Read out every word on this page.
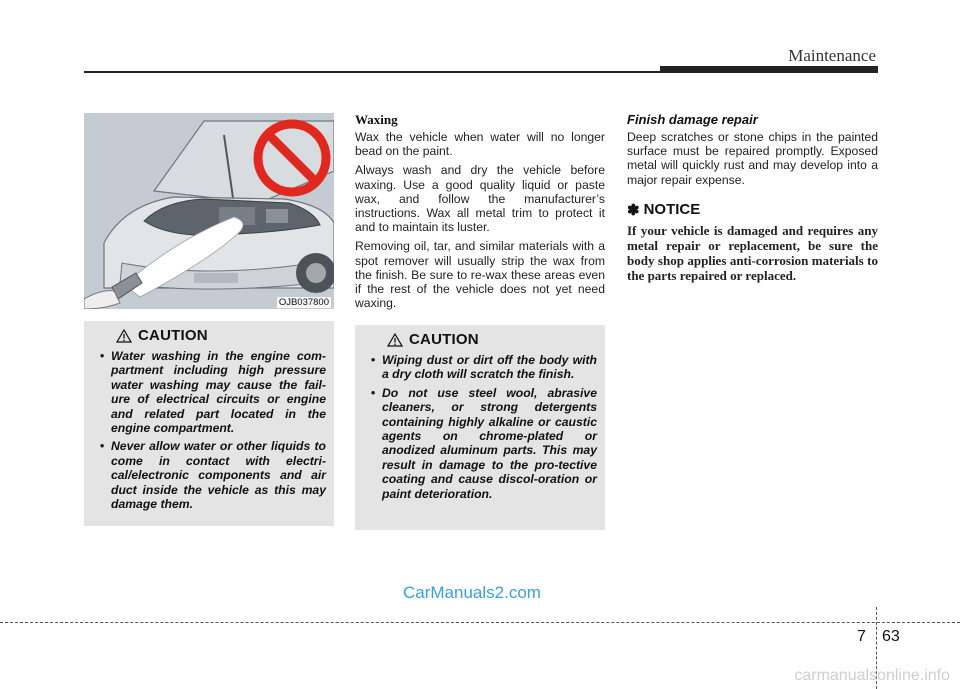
Maintenance
OJB037800
CAUTION
• Water washing in the engine com-partment including high pressure water washing may cause the fail-ure of electrical circuits or engine and related part located in the engine compartment.
• Never allow water or other liquids to come in contact with electri-cal/electronic components and air duct inside the vehicle as this may damage them.
Waxing

Wax the vehicle when water will no longer bead on the paint.

Always wash and dry the vehicle before waxing. Use a good quality liquid or paste wax, and follow the manufacturer’s instructions. Wax all metal trim to protect it and to maintain its luster.

Removing oil, tar, and similar materials with a spot remover will usually strip the wax from the finish. Be sure to re-wax these areas even if the rest of the vehicle does not yet need waxing.

CAUTION
• Wiping dust or dirt off the body with a dry cloth will scratch the finish.
• Do not use steel wool, abrasive cleaners, or strong detergents containing highly alkaline or caustic agents on chrome-plated or anodized aluminum parts. This may result in damage to the pro-tective coating and cause discol-oration or paint deterioration.
Finish damage repair

Deep scratches or stone chips in the painted surface must be repaired promptly. Exposed metal will quickly rust and may develop into a major repair expense.

✽ NOTICE

If your vehicle is damaged and requires any metal repair or replacement, be sure the body shop applies anti-corrosion materials to the parts repaired or replaced.

CarManuals2.com
7 63
carmanualsonline.info
